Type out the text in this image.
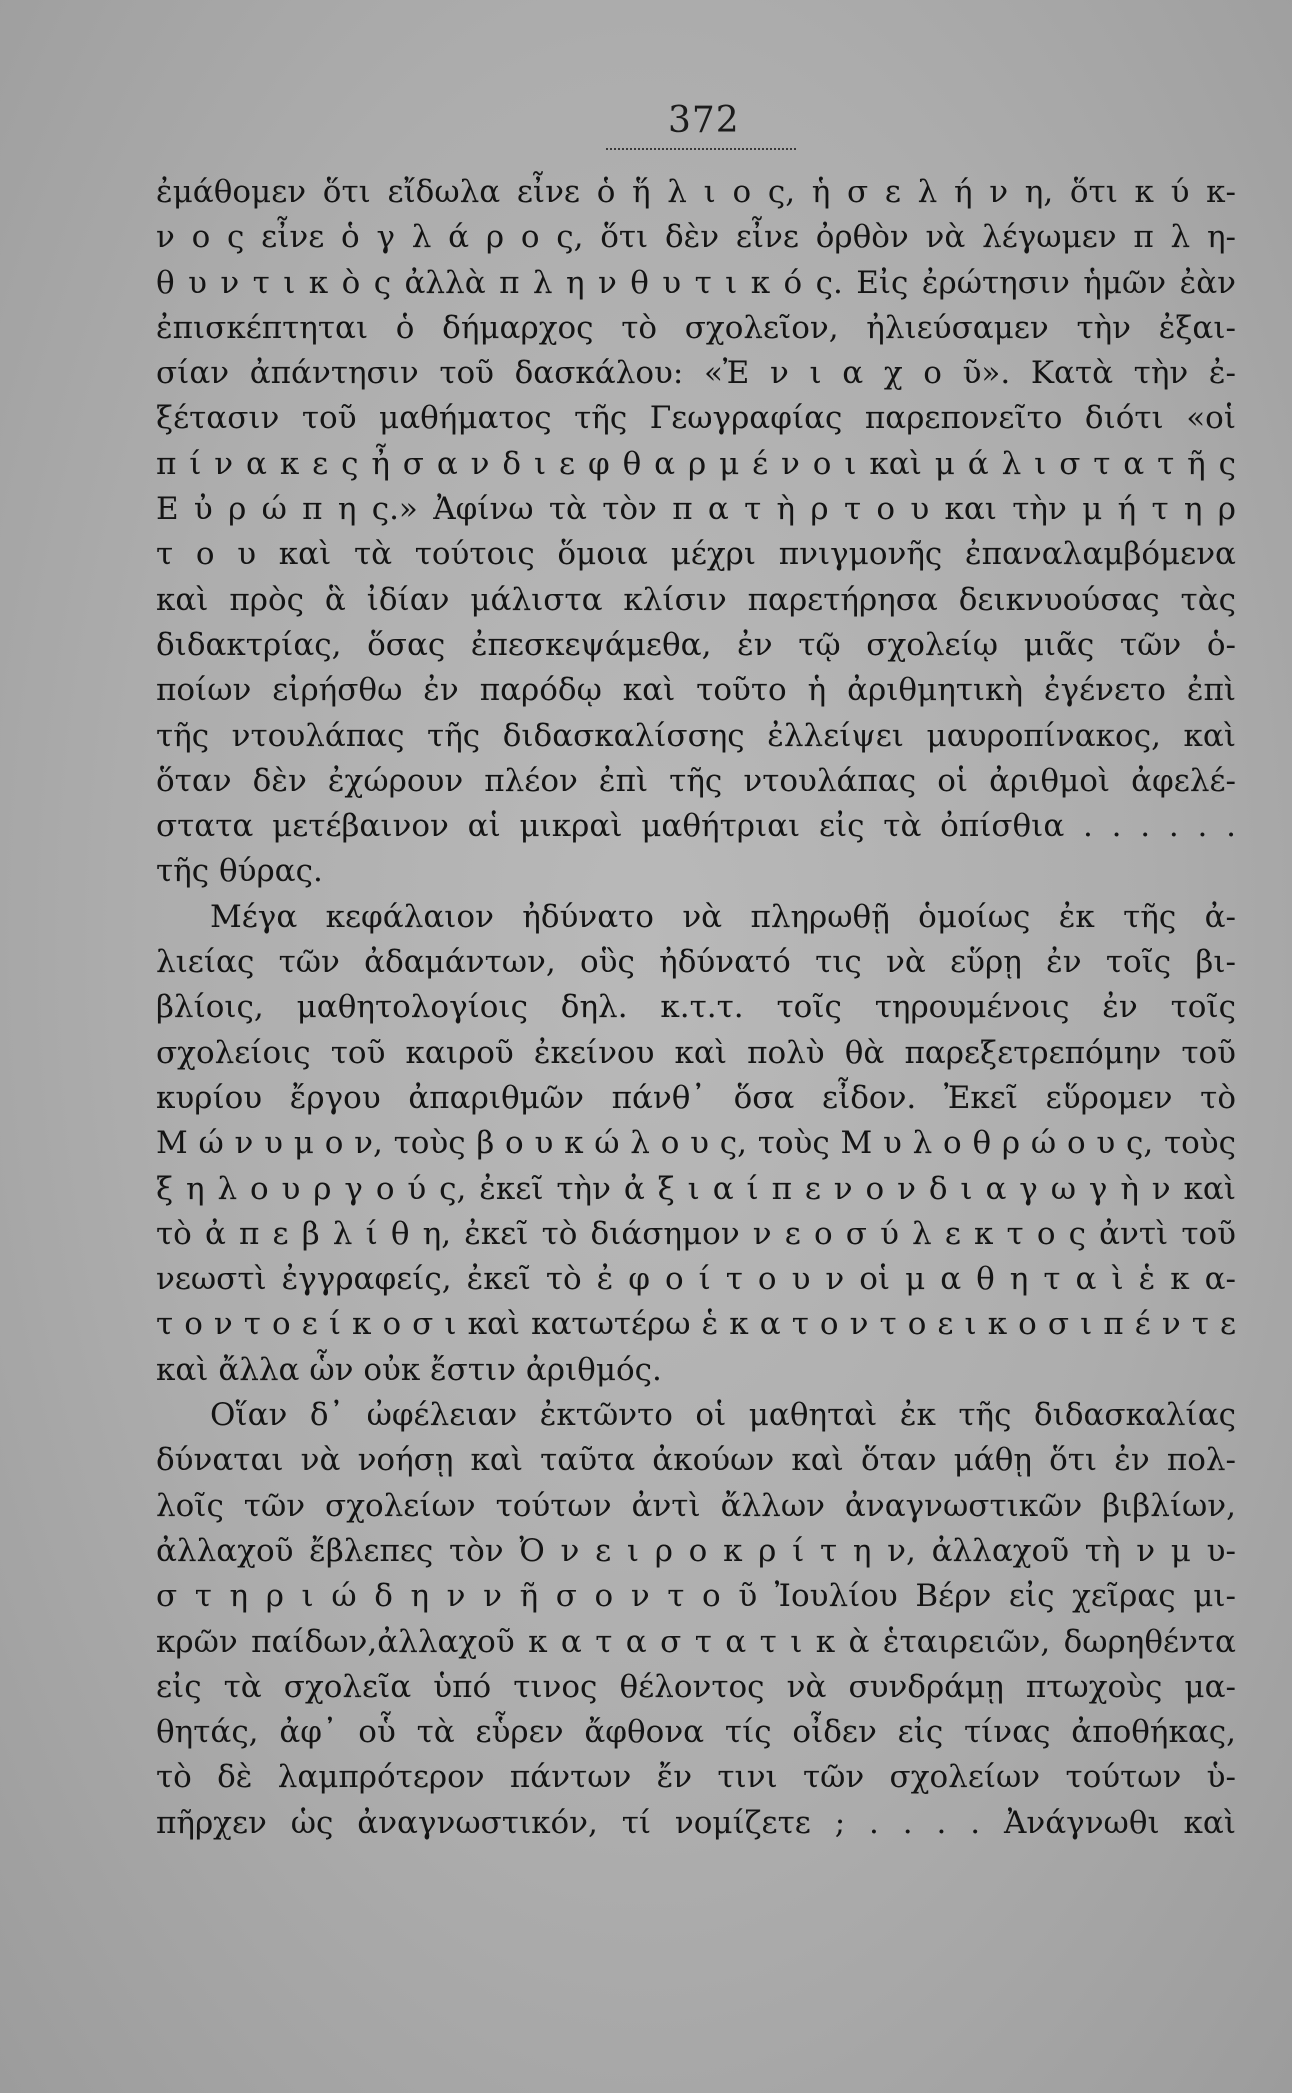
372
ἐμάθομεν ὅτι εἴδωλα εἶνε ὁ ἥ λ ι ο ς, ἡ σ ε λ ή ν η, ὅτι κ ύ κ-
ν ο ς εἶνε ὁ γ λ ά ρ ο ς, ὅτι δὲν εἶνε ὀρθὸν νὰ λέγωμεν π λ η-
θ υ ν τ ι κ ὸ ς ἀλλὰ π λ η ν θ υ τ ι κ ό ς. Εἰς ἐρώτησιν ἡμῶν ἐὰν
ἐπισκέπτηται ὁ δήμαρχος τὸ σχολεῖον, ἠλιεύσαμεν τὴν ἐξαι-
σίαν ἀπάντησιν τοῦ δασκάλου: «Ἐ ν ι α χ ο ῦ». Κατὰ τὴν ἐ-
ξέτασιν τοῦ μαθήματος τῆς Γεωγραφίας παρεπονεῖτο διότι «οἱ
π ί ν α κ ε ς ἦ σ α ν δ ι ε φ θ α ρ μ έ ν ο ι καὶ μ ά λ ι σ τ α τ ῆ ς
Ε ὐ ρ ώ π η ς.» Ἀφίνω τὰ τὸν π α τ ὴ ρ τ ο υ και τὴν μ ή τ η ρ
τ ο υ καὶ τὰ τούτοις ὅμοια μέχρι πνιγμονῆς ἐπαναλαμβόμενα
καὶ πρὸς ἃ ἰδίαν μάλιστα κλίσιν παρετήρησα δεικνυούσας τὰς
διδακτρίας, ὅσας ἐπεσκεψάμεθα, ἐν τῷ σχολείῳ μιᾶς τῶν ὁ-
ποίων εἰρήσθω ἐν παρόδῳ καὶ τοῦτο ἡ ἀριθμητικὴ ἐγένετο ἐπὶ
τῆς ντουλάπας τῆς διδασκαλίσσης ἐλλείψει μαυροπίνακος, καὶ
ὅταν δὲν ἐχώρουν πλέον ἐπὶ τῆς ντουλάπας οἱ ἀριθμοὶ ἀφελέ-
στατα μετέβαινον αἱ μικραὶ μαθήτριαι εἰς τὰ ὀπίσθια . . . . . .
τῆς θύρας.
Μέγα κεφάλαιον ἠδύνατο νὰ πληρωθῇ ὁμοίως ἐκ τῆς ἀ-
λιείας τῶν ἀδαμάντων, οὓς ἠδύνατό τις νὰ εὕρῃ ἐν τοῖς βι-
βλίοις, μαθητολογίοις δηλ. κ.τ.τ. τοῖς τηρουμένοις ἐν τοῖς
σχολείοις τοῦ καιροῦ ἐκείνου καὶ πολὺ θὰ παρεξετρεπόμην τοῦ
κυρίου ἔργου ἀπαριθμῶν πάνθ᾽ ὅσα εἶδον. Ἐκεῖ εὕρομεν τὸ
Μ ώ ν υ μ ο ν, τοὺς β ο υ κ ώ λ ο υ ς, τοὺς Μ υ λ ο θ ρ ώ ο υ ς, τοὺς
ξ η λ ο υ ρ γ ο ύ ς, ἐκεῖ τὴν ἀ ξ ι α ί π ε ν ο ν δ ι α γ ω γ ὴ ν καὶ
τὸ ἀ π ε β λ ί θ η, ἐκεῖ τὸ διάσημον ν ε ο σ ύ λ ε κ τ ο ς ἀντὶ τοῦ
νεωστὶ ἐγγραφείς, ἐκεῖ τὸ ἐ φ ο ί τ ο υ ν οἱ μ α θ η τ α ὶ ἑ κ α-
τ ο ν τ ο ε ί κ ο σ ι καὶ κατωτέρω ἑ κ α τ ο ν τ ο ε ι κ ο σ ι π έ ν τ ε
καὶ ἄλλα ὧν οὐκ ἔστιν ἀριθμός.
Οἵαν δ᾽ ὠφέλειαν ἐκτῶντο οἱ μαθηταὶ ἐκ τῆς διδασκαλίας
δύναται νὰ νοήσῃ καὶ ταῦτα ἀκούων καὶ ὅταν μάθῃ ὅτι ἐν πολ-
λοῖς τῶν σχολείων τούτων ἀντὶ ἄλλων ἀναγνωστικῶν βιβλίων,
ἀλλαχοῦ ἔβλεπες τὸν Ὀ ν ε ι ρ ο κ ρ ί τ η ν, ἀλλαχοῦ τὴ ν μ υ-
σ τ η ρ ι ώ δ η ν ν ῆ σ ο ν τ ο ῦ Ἰουλίου Βέρν εἰς χεῖρας μι-
κρῶν παίδων,ἀλλαχοῦ κ α τ α σ τ α τ ι κ ὰ ἑταιρειῶν, δωρηθέντα
εἰς τὰ σχολεῖα ὑπό τινος θέλοντος νὰ συνδράμῃ πτωχοὺς μα-
θητάς, ἀφ᾽ οὗ τὰ εὗρεν ἄφθονα τίς οἶδεν εἰς τίνας ἀποθήκας,
τὸ δὲ λαμπρότερον πάντων ἔν τινι τῶν σχολείων τούτων ὑ-
πῆρχεν ὡς ἀναγνωστικόν, τί νομίζετε ; . . . . Ἀνάγνωθι καὶ
